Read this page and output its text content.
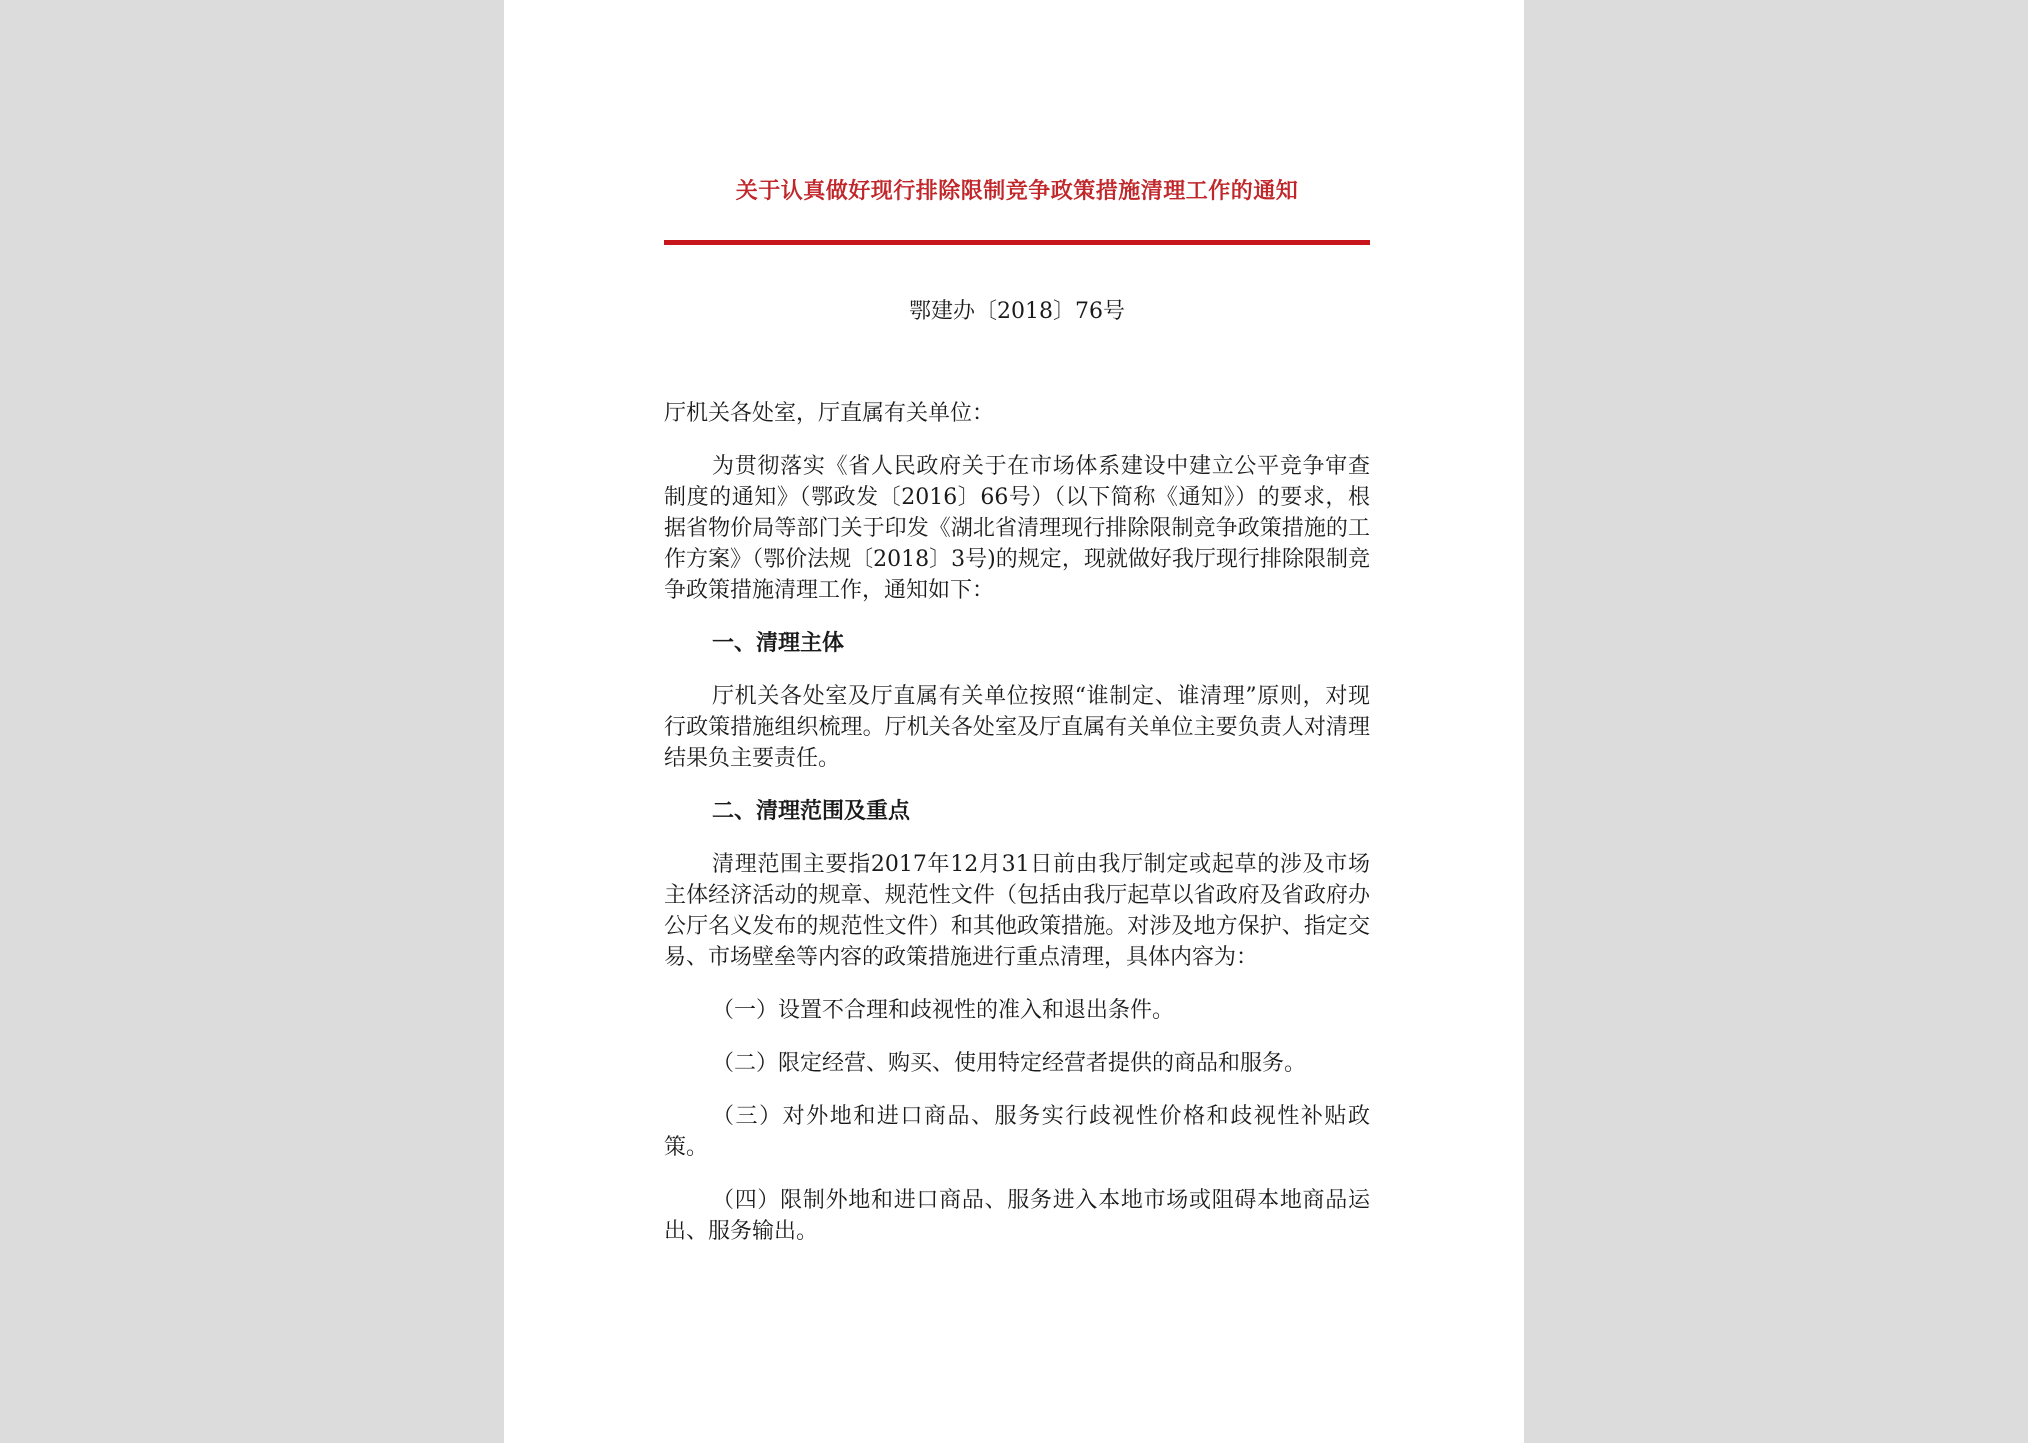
关于认真做好现行排除限制竞争政策措施清理工作的通知
鄂建办〔2018〕76号

厅机关各处室，厅直属有关单位：

为贯彻落实《省人民政府关于在市场体系建设中建立公平竞争审查制度的通知》（鄂政发〔2016〕66号）（以下简称《通知》）的要求，根据省物价局等部门关于印发《湖北省清理现行排除限制竞争政策措施的工作方案》（鄂价法规〔2018〕3号)的规定，现就做好我厅现行排除限制竞争政策措施清理工作，通知如下：

一、清理主体

厅机关各处室及厅直属有关单位按照“谁制定、谁清理”原则，对现行政策措施组织梳理。厅机关各处室及厅直属有关单位主要负责人对清理结果负主要责任。

二、清理范围及重点

清理范围主要指2017年12月31日前由我厅制定或起草的涉及市场主体经济活动的规章、规范性文件（包括由我厅起草以省政府及省政府办公厅名义发布的规范性文件）和其他政策措施。对涉及地方保护、指定交易、市场壁垒等内容的政策措施进行重点清理，具体内容为：

（一）设置不合理和歧视性的准入和退出条件。

（二）限定经营、购买、使用特定经营者提供的商品和服务。

（三）对外地和进口商品、服务实行歧视性价格和歧视性补贴政策。

（四）限制外地和进口商品、服务进入本地市场或阻碍本地商品运出、服务输出。
